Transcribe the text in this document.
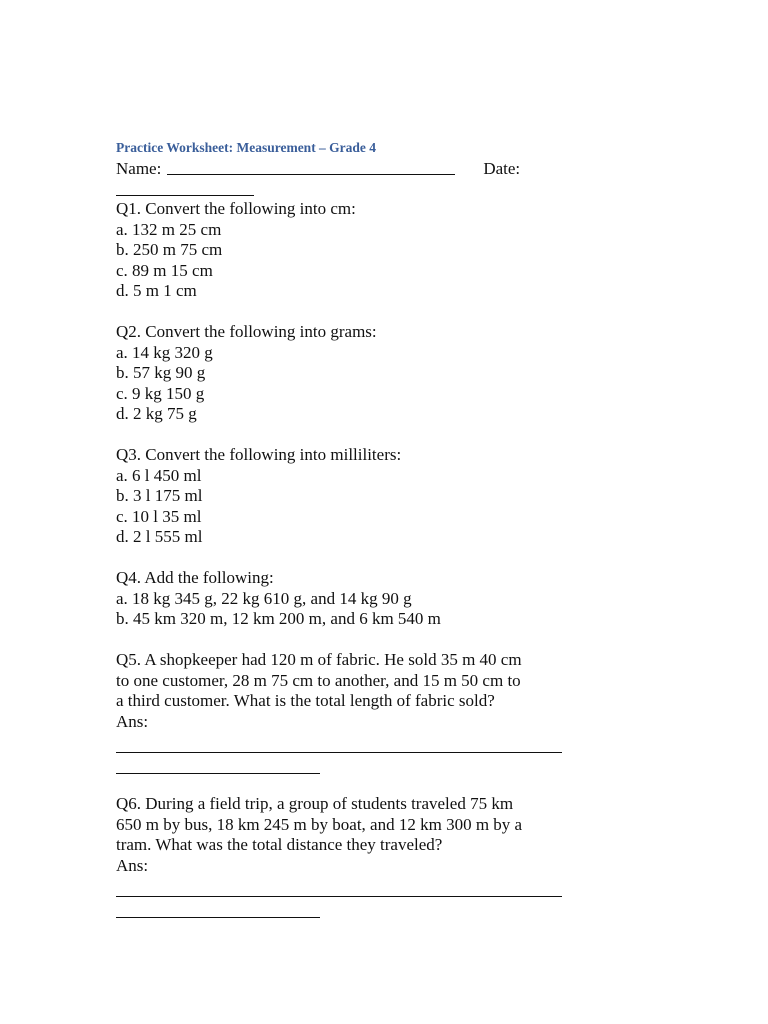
Practice Worksheet: Measurement – Grade 4
Name:	Date:
Q1. Convert the following into cm:
a. 132 m 25 cm
b. 250 m 75 cm
c. 89 m 15 cm
d. 5 m 1 cm
Q2. Convert the following into grams:
a. 14 kg 320 g
b. 57 kg 90 g
c. 9 kg 150 g
d. 2 kg 75 g
Q3. Convert the following into milliliters:
a. 6 l 450 ml
b. 3 l 175 ml
c. 10 l 35 ml
d. 2 l 555 ml
Q4. Add the following:
a. 18 kg 345 g, 22 kg 610 g, and 14 kg 90 g
b. 45 km 320 m, 12 km 200 m, and 6 km 540 m
Q5. A shopkeeper had 120 m of fabric. He sold 35 m 40 cm
to one customer, 28 m 75 cm to another, and 15 m 50 cm to
a third customer. What is the total length of fabric sold?
Ans:
Q6. During a field trip, a group of students traveled 75 km
650 m by bus, 18 km 245 m by boat, and 12 km 300 m by a
tram. What was the total distance they traveled?
Ans:
